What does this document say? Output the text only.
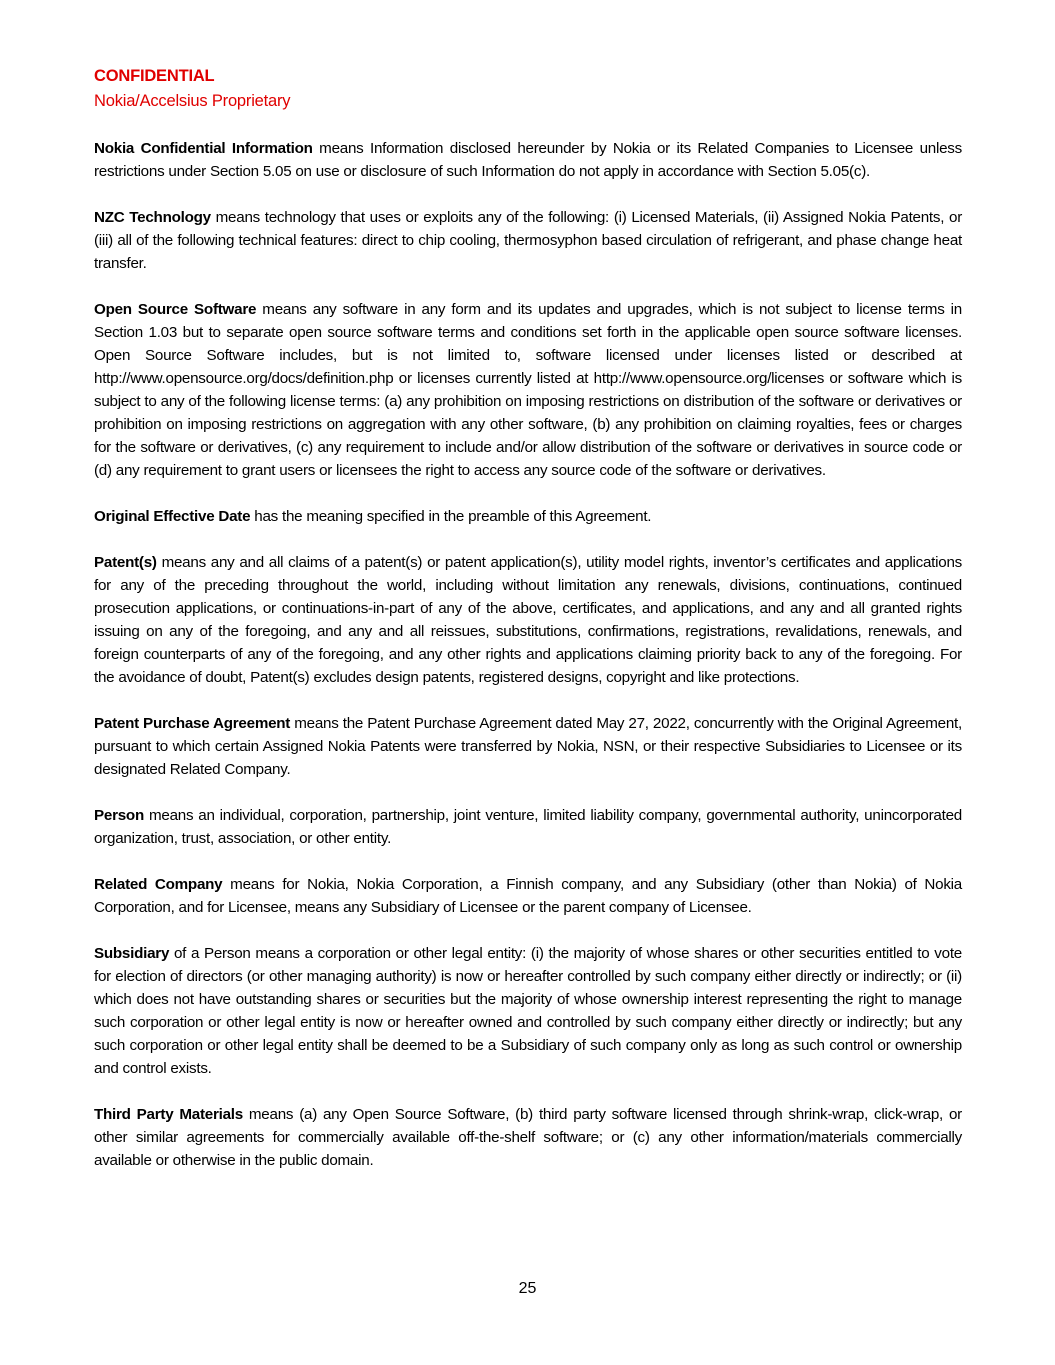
CONFIDENTIAL
Nokia/Accelsius Proprietary

Nokia Confidential Information means Information disclosed hereunder by Nokia or its Related Companies to Licensee unless restrictions under Section 5.05 on use or disclosure of such Information do not apply in accordance with Section 5.05(c).

NZC Technology means technology that uses or exploits any of the following: (i) Licensed Materials, (ii) Assigned Nokia Patents, or (iii) all of the following technical features: direct to chip cooling, thermosyphon based circulation of refrigerant, and phase change heat transfer.

Open Source Software means any software in any form and its updates and upgrades, which is not subject to license terms in Section 1.03 but to separate open source software terms and conditions set forth in the applicable open source software licenses. Open Source Software includes, but is not limited to, software licensed under licenses listed or described at http://www.opensource.org/docs/definition.php or licenses currently listed at http://www.opensource.org/licenses or software which is subject to any of the following license terms: (a) any prohibition on imposing restrictions on distribution of the software or derivatives or prohibition on imposing restrictions on aggregation with any other software, (b) any prohibition on claiming royalties, fees or charges for the software or derivatives, (c) any requirement to include and/or allow distribution of the software or derivatives in source code or (d) any requirement to grant users or licensees the right to access any source code of the software or derivatives.

Original Effective Date has the meaning specified in the preamble of this Agreement.

Patent(s) means any and all claims of a patent(s) or patent application(s), utility model rights, inventor’s certificates and applications for any of the preceding throughout the world, including without limitation any renewals, divisions, continuations, continued prosecution applications, or continuations-in-part of any of the above, certificates, and applications, and any and all granted rights issuing on any of the foregoing, and any and all reissues, substitutions, confirmations, registrations, revalidations, renewals, and foreign counterparts of any of the foregoing, and any other rights and applications claiming priority back to any of the foregoing. For the avoidance of doubt, Patent(s) excludes design patents, registered designs, copyright and like protections.

Patent Purchase Agreement means the Patent Purchase Agreement dated May 27, 2022, concurrently with the Original Agreement, pursuant to which certain Assigned Nokia Patents were transferred by Nokia, NSN, or their respective Subsidiaries to Licensee or its designated Related Company.

Person means an individual, corporation, partnership, joint venture, limited liability company, governmental authority, unincorporated organization, trust, association, or other entity.

Related Company means for Nokia, Nokia Corporation, a Finnish company, and any Subsidiary (other than Nokia) of Nokia Corporation, and for Licensee, means any Subsidiary of Licensee or the parent company of Licensee.

Subsidiary of a Person means a corporation or other legal entity: (i) the majority of whose shares or other securities entitled to vote for election of directors (or other managing authority) is now or hereafter controlled by such company either directly or indirectly; or (ii) which does not have outstanding shares or securities but the majority of whose ownership interest representing the right to manage such corporation or other legal entity is now or hereafter owned and controlled by such company either directly or indirectly; but any such corporation or other legal entity shall be deemed to be a Subsidiary of such company only as long as such control or ownership and control exists.

Third Party Materials means (a) any Open Source Software, (b) third party software licensed through shrink-wrap, click-wrap, or other similar agreements for commercially available off-the-shelf software; or (c) any other information/materials commercially available or otherwise in the public domain.

25
